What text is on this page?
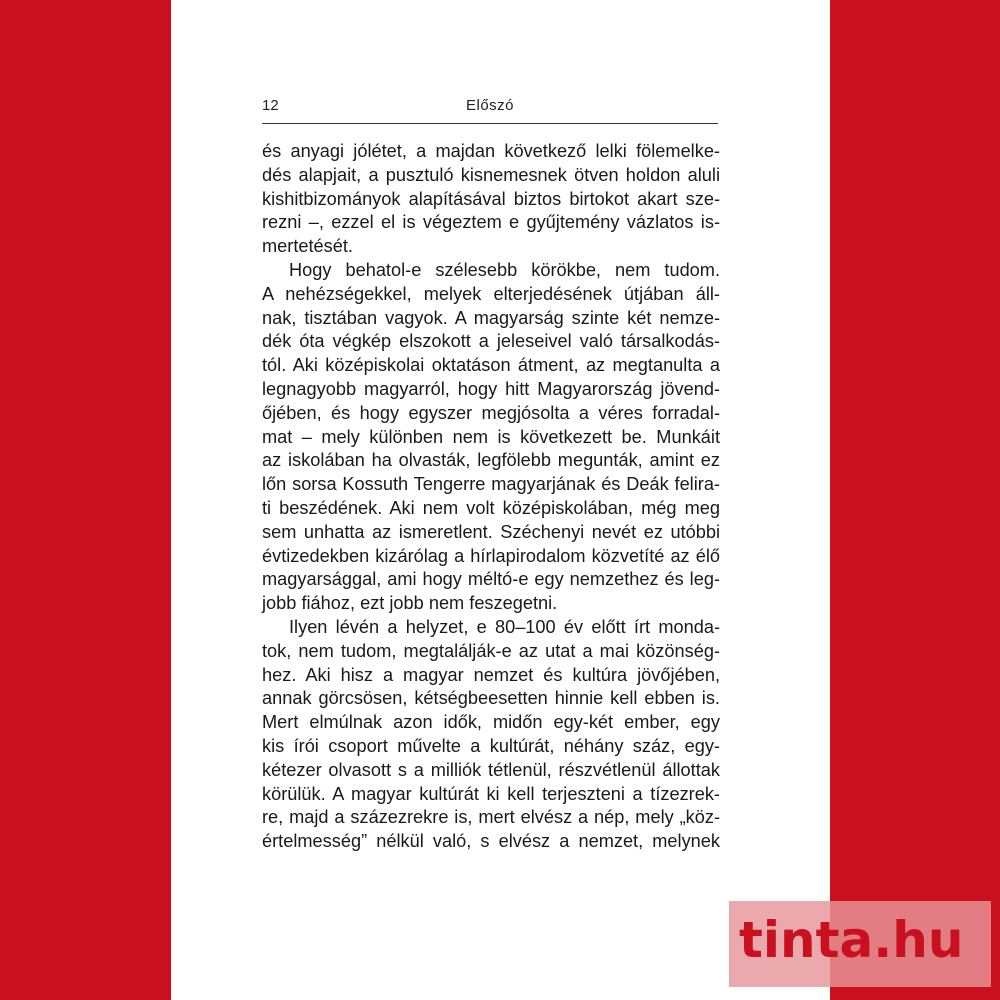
12	Előszó
és anyagi jólétet, a majdan következő lelki fölemelke-
dés alapjait, a pusztuló kisnemesnek ötven holdon aluli
kishitbizományok alapításával biztos birtokot akart sze-
rezni –, ezzel el is végeztem e gyűjtemény vázlatos is-
mertetését.
Hogy behatol-e szélesebb körökbe, nem tudom.
A nehézségekkel, melyek elterjedésének útjában áll-
nak, tisztában vagyok. A magyarság szinte két nemze-
dék óta végkép elszokott a jeleseivel való társalkodás-
tól. Aki középiskolai oktatáson átment, az megtanulta a
legnagyobb magyarról, hogy hitt Magyarország jövend-
őjében, és hogy egyszer megjósolta a véres forradal-
mat – mely különben nem is következett be. Munkáit
az iskolában ha olvasták, legfölebb megunták, amint ez
lőn sorsa Kossuth Tengerre magyarjának és Deák felira-
ti beszédének. Aki nem volt középiskolában, még meg
sem unhatta az ismeretlent. Széchenyi nevét ez utóbbi
évtizedekben kizárólag a hírlapirodalom közvetíté az élő
magyarsággal, ami hogy méltó-e egy nemzethez és leg-
jobb fiához, ezt jobb nem feszegetni.
Ilyen lévén a helyzet, e 80–100 év előtt írt monda-
tok, nem tudom, megtalálják-e az utat a mai közönség-
hez. Aki hisz a magyar nemzet és kultúra jövőjében,
annak görcsösen, kétségbeesetten hinnie kell ebben is.
Mert elmúlnak azon idők, midőn egy-két ember, egy
kis írói csoport művelte a kultúrát, néhány száz, egy-
kétezer olvasott s a milliók tétlenül, részvétlenül állottak
körülük. A magyar kultúrát ki kell terjeszteni a tízezrek-
re, majd a százezrekre is, mert elvész a nép, mely „köz-
értelmesség” nélkül való, s elvész a nemzet, melynek
tinta.hu
